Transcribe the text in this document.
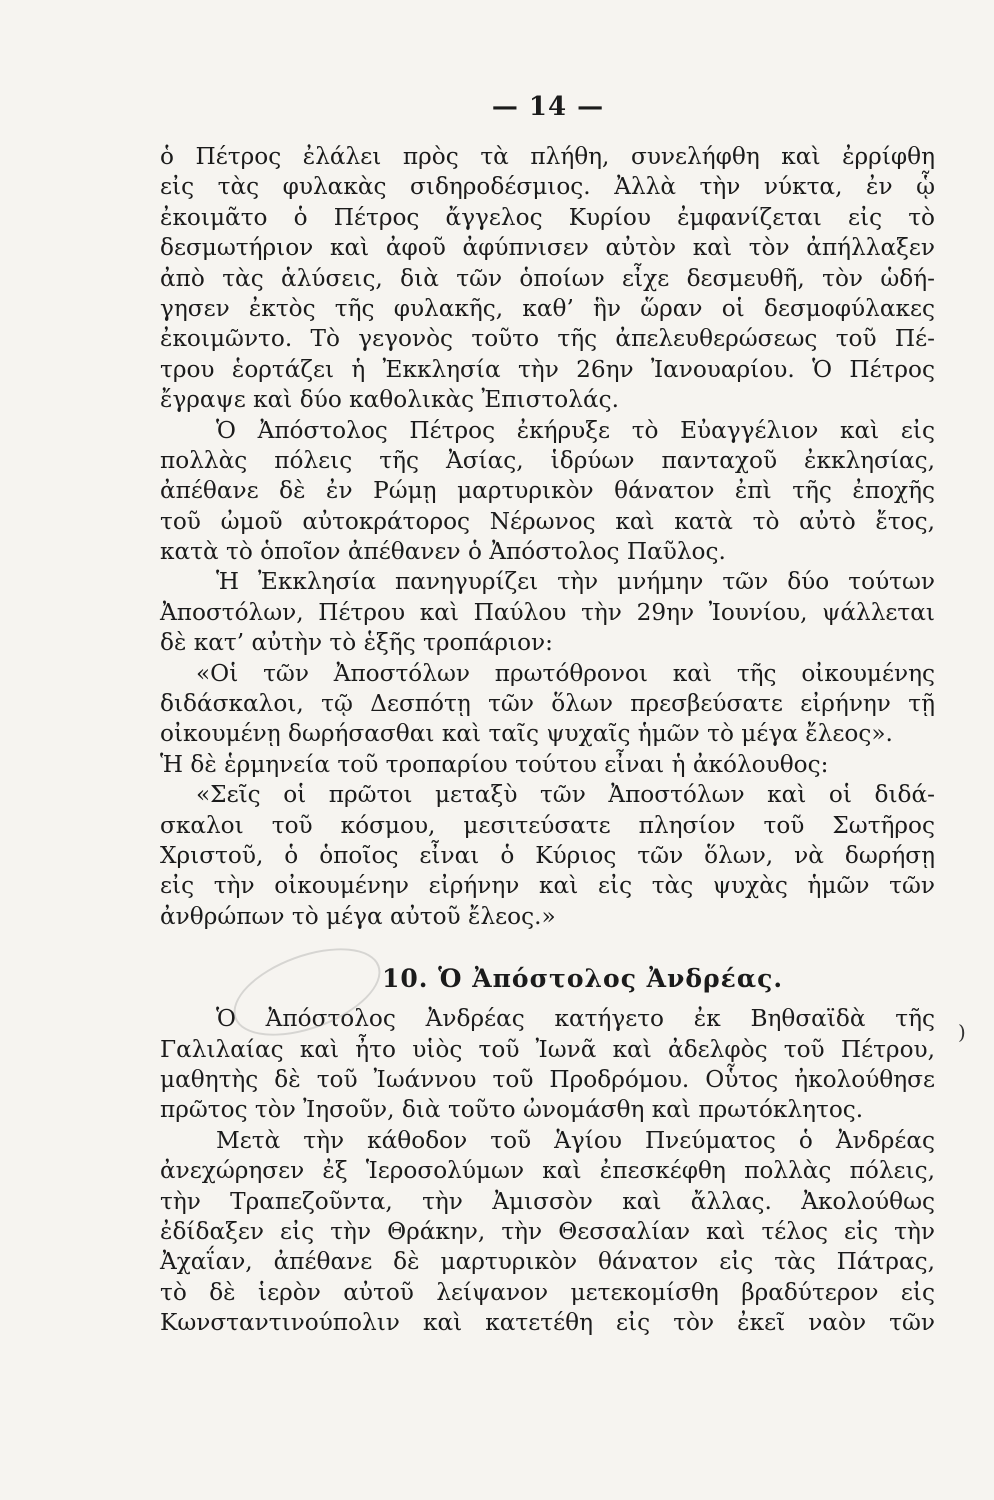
— 14 —
ὁ Πέτρος ἐλάλει πρὸς τὰ πλήθη, συνελήφθη καὶ ἐρρίφθη
εἰς τὰς φυλακὰς σιδηροδέσμιος. Ἀλλὰ τὴν νύκτα, ἐν ᾧ
ἐκοιμᾶτο ὁ Πέτρος ἄγγελος Κυρίου ἐμφανίζεται εἰς τὸ
δεσμωτήριον καὶ ἀφοῦ ἀφύπνισεν αὐτὸν καὶ τὸν ἀπήλλαξεν
ἀπὸ τὰς ἁλύσεις, διὰ τῶν ὁποίων εἶχε δεσμευθῆ, τὸν ὡδή-
γησεν ἐκτὸς τῆς φυλακῆς, καθ’ ἣν ὥραν οἱ δεσμοφύλακες
ἐκοιμῶντο. Τὸ γεγονὸς τοῦτο τῆς ἀπελευθερώσεως τοῦ Πέ-
τρου ἑορτάζει ἡ Ἐκκλησία τὴν 26ην Ἰανουαρίου. Ὁ Πέτρος
ἔγραψε καὶ δύο καθολικὰς Ἐπιστολάς.
Ὁ Ἀπόστολος Πέτρος ἐκήρυξε τὸ Εὐαγγέλιον καὶ εἰς
πολλὰς πόλεις τῆς Ἀσίας, ἱδρύων πανταχοῦ ἐκκλησίας,
ἀπέθανε δὲ ἐν Ρώμῃ μαρτυρικὸν θάνατον ἐπὶ τῆς ἐποχῆς
τοῦ ὠμοῦ αὐτοκράτορος Νέρωνος καὶ κατὰ τὸ αὐτὸ ἔτος,
κατὰ τὸ ὁποῖον ἀπέθανεν ὁ Ἀπόστολος Παῦλος.
Ἡ Ἐκκλησία πανηγυρίζει τὴν μνήμην τῶν δύο τούτων
Ἀποστόλων, Πέτρου καὶ Παύλου τὴν 29ην Ἰουνίου, ψάλλεται
δὲ κατ’ αὐτὴν τὸ ἑξῆς τροπάριον:
«Οἱ τῶν Ἀποστόλων πρωτόθρονοι καὶ τῆς οἰκουμένης
διδάσκαλοι, τῷ Δεσπότῃ τῶν ὅλων πρεσβεύσατε εἰρήνην τῇ
οἰκουμένῃ δωρήσασθαι καὶ ταῖς ψυχαῖς ἡμῶν τὸ μέγα ἔλεος».
Ἡ δὲ ἑρμηνεία τοῦ τροπαρίου τούτου εἶναι ἡ ἀκόλουθος:
«Σεῖς οἱ πρῶτοι μεταξὺ τῶν Ἀποστόλων καὶ οἱ διδά-
σκαλοι τοῦ κόσμου, μεσιτεύσατε πλησίον τοῦ Σωτῆρος
Χριστοῦ, ὁ ὁποῖος εἶναι ὁ Κύριος τῶν ὅλων, νὰ δωρήσῃ
εἰς τὴν οἰκουμένην εἰρήνην καὶ εἰς τὰς ψυχὰς ἡμῶν τῶν
ἀνθρώπων τὸ μέγα αὐτοῦ ἔλεος.»
10. Ὁ Ἀπόστολος Ἀνδρέας.
Ὁ Ἀπόστολος Ἀνδρέας κατήγετο ἐκ Βηθσαϊδὰ τῆς
Γαλιλαίας καὶ ἦτο υἱὸς τοῦ Ἰωνᾶ καὶ ἀδελφὸς τοῦ Πέτρου,
μαθητὴς δὲ τοῦ Ἰωάννου τοῦ Προδρόμου. Οὗτος ἠκολούθησε
πρῶτος τὸν Ἰησοῦν, διὰ τοῦτο ὠνομάσθη καὶ πρωτόκλητος.
Μετὰ τὴν κάθοδον τοῦ Ἁγίου Πνεύματος ὁ Ἀνδρέας
ἀνεχώρησεν ἐξ Ἱεροσολύμων καὶ ἐπεσκέφθη πολλὰς πόλεις,
τὴν Τραπεζοῦντα, τὴν Ἀμισσὸν καὶ ἄλλας. Ἀκολούθως
ἐδίδαξεν εἰς τὴν Θράκην, τὴν Θεσσαλίαν καὶ τέλος εἰς τὴν
Ἀχαΐαν, ἀπέθανε δὲ μαρτυρικὸν θάνατον εἰς τὰς Πάτρας,
τὸ δὲ ἱερὸν αὐτοῦ λείψανον μετεκομίσθη βραδύτερον εἰς
Κωνσταντινούπολιν καὶ κατετέθη εἰς τὸν ἐκεῖ ναὸν τῶν
)
